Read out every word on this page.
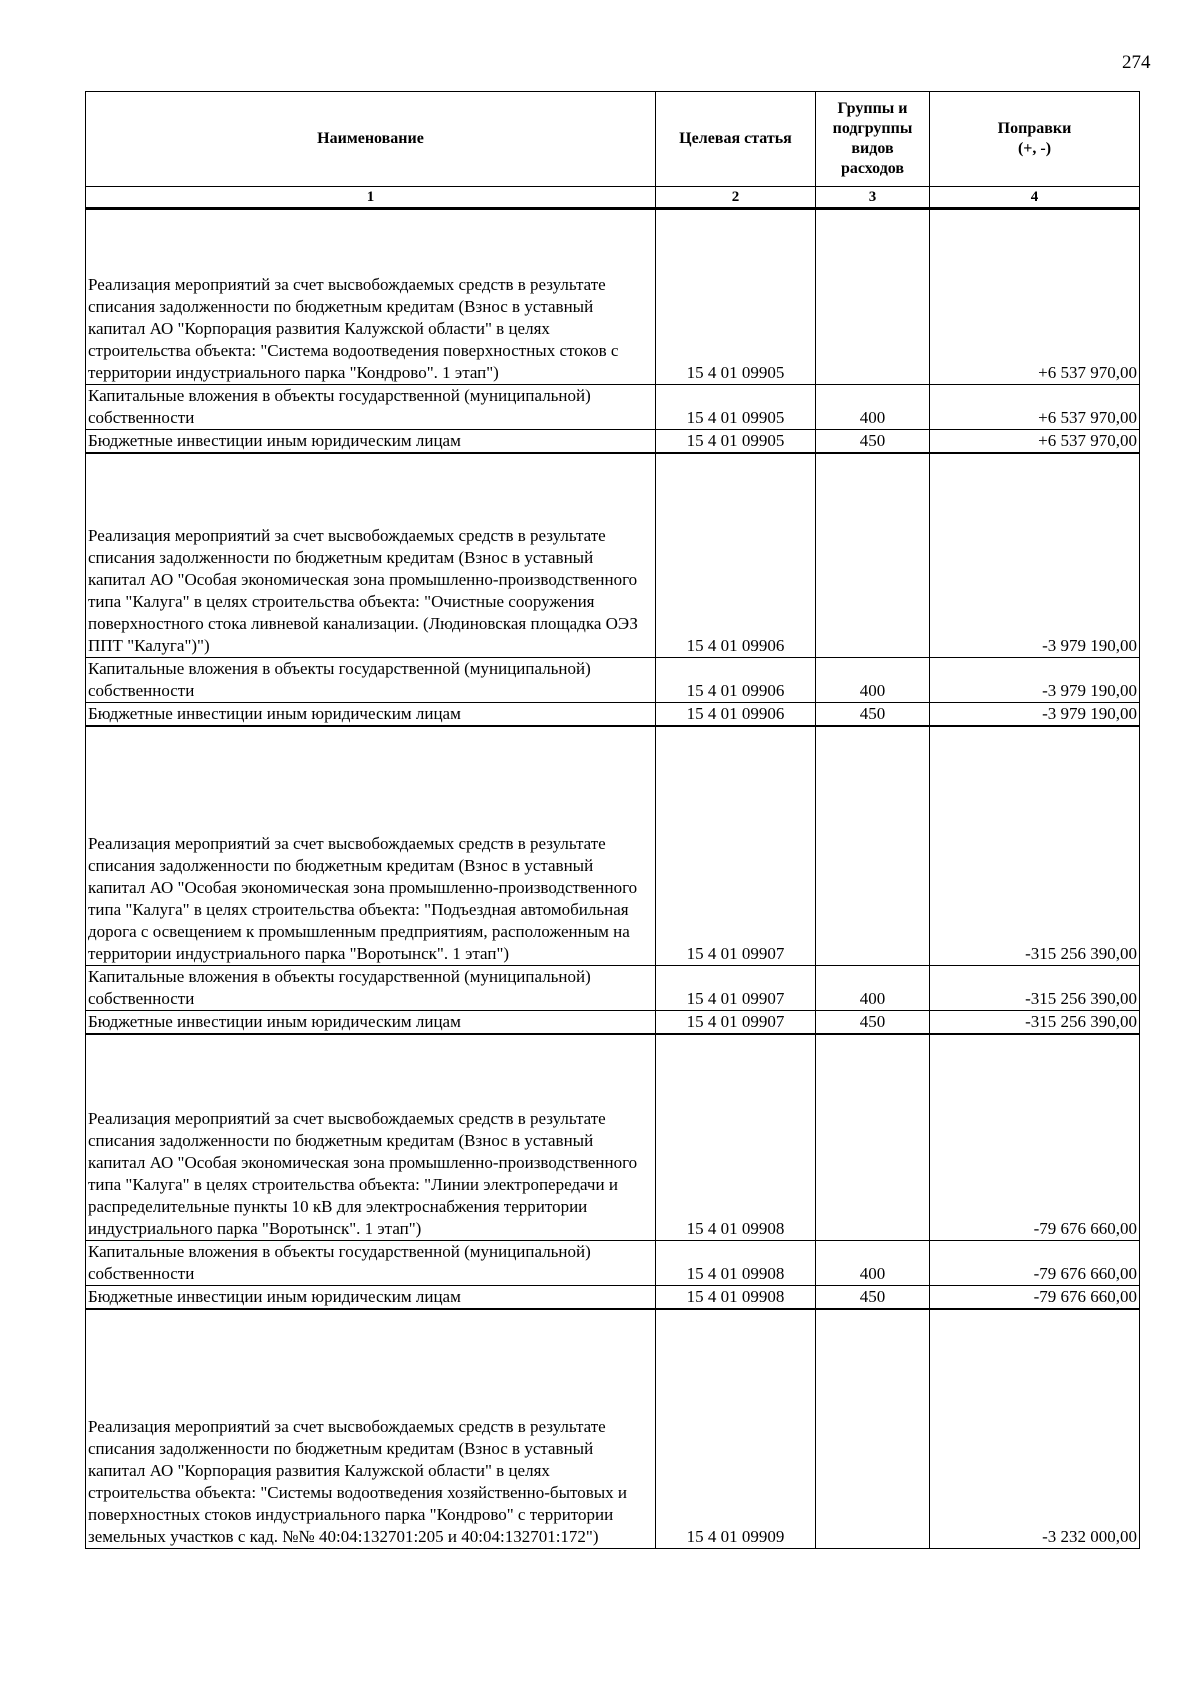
274
Наименование	Целевая статья	Группы и подгруппы видов расходов	Поправки
(+, -)

1	2	3	4
Реализация мероприятий за счет высвобождаемых средств в результате списания задолженности по бюджетным кредитам (Взнос в уставный капитал АО "Корпорация развития Калужской области" в целях строительства объекта: "Система водоотведения поверхностных стоков с территории индустриального парка "Кондрово". 1 этап")	15 4 01 09905		+6 537 970,00
Капитальные вложения в объекты государственной (муниципальной) собственности	15 4 01 09905	400	+6 537 970,00
Бюджетные инвестиции иным юридическим лицам	15 4 01 09905	450	+6 537 970,00
Реализация мероприятий за счет высвобождаемых средств в результате списания задолженности по бюджетным кредитам (Взнос в уставный капитал АО "Особая экономическая зона промышленно-производственного типа "Калуга" в целях строительства объекта: "Очистные сооружения поверхностного стока ливневой канализации. (Людиновская площадка ОЭЗ ППТ "Калуга")")	15 4 01 09906		-3 979 190,00
Капитальные вложения в объекты государственной (муниципальной) собственности	15 4 01 09906	400	-3 979 190,00
Бюджетные инвестиции иным юридическим лицам	15 4 01 09906	450	-3 979 190,00
Реализация мероприятий за счет высвобождаемых средств в результате списания задолженности по бюджетным кредитам (Взнос в уставный капитал АО "Особая экономическая зона промышленно-производственного типа "Калуга" в целях строительства объекта: "Подъездная автомобильная дорога с освещением к промышленным предприятиям, расположенным на территории индустриального парка "Воротынск". 1 этап")	15 4 01 09907		-315 256 390,00
Капитальные вложения в объекты государственной (муниципальной) собственности	15 4 01 09907	400	-315 256 390,00
Бюджетные инвестиции иным юридическим лицам	15 4 01 09907	450	-315 256 390,00
Реализация мероприятий за счет высвобождаемых средств в результате списания задолженности по бюджетным кредитам (Взнос в уставный капитал АО "Особая экономическая зона промышленно-производственного типа "Калуга" в целях строительства объекта: "Линии электропередачи и распределительные пункты 10 кВ для электроснабжения территории индустриального парка "Воротынск". 1 этап")	15 4 01 09908		-79 676 660,00
Капитальные вложения в объекты государственной (муниципальной) собственности	15 4 01 09908	400	-79 676 660,00
Бюджетные инвестиции иным юридическим лицам	15 4 01 09908	450	-79 676 660,00
Реализация мероприятий за счет высвобождаемых средств в результате списания задолженности по бюджетным кредитам (Взнос в уставный капитал АО "Корпорация развития Калужской области" в целях строительства объекта: "Системы водоотведения хозяйственно-бытовых и поверхностных стоков индустриального парка "Кондрово" с территории земельных участков с кад. №№ 40:04:132701:205 и 40:04:132701:172")	15 4 01 09909		-3 232 000,00
